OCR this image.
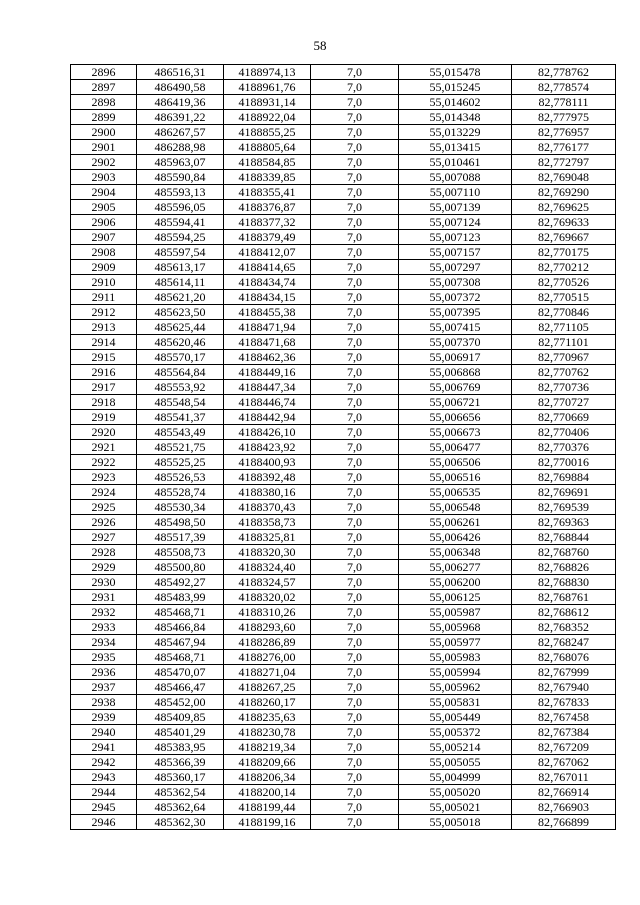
58
2896	486516,31	4188974,13	7,0	55,015478	82,778762
2897	486490,58	4188961,76	7,0	55,015245	82,778574
2898	486419,36	4188931,14	7,0	55,014602	82,778111
2899	486391,22	4188922,04	7,0	55,014348	82,777975
2900	486267,57	4188855,25	7,0	55,013229	82,776957
2901	486288,98	4188805,64	7,0	55,013415	82,776177
2902	485963,07	4188584,85	7,0	55,010461	82,772797
2903	485590,84	4188339,85	7,0	55,007088	82,769048
2904	485593,13	4188355,41	7,0	55,007110	82,769290
2905	485596,05	4188376,87	7,0	55,007139	82,769625
2906	485594,41	4188377,32	7,0	55,007124	82,769633
2907	485594,25	4188379,49	7,0	55,007123	82,769667
2908	485597,54	4188412,07	7,0	55,007157	82,770175
2909	485613,17	4188414,65	7,0	55,007297	82,770212
2910	485614,11	4188434,74	7,0	55,007308	82,770526
2911	485621,20	4188434,15	7,0	55,007372	82,770515
2912	485623,50	4188455,38	7,0	55,007395	82,770846
2913	485625,44	4188471,94	7,0	55,007415	82,771105
2914	485620,46	4188471,68	7,0	55,007370	82,771101
2915	485570,17	4188462,36	7,0	55,006917	82,770967
2916	485564,84	4188449,16	7,0	55,006868	82,770762
2917	485553,92	4188447,34	7,0	55,006769	82,770736
2918	485548,54	4188446,74	7,0	55,006721	82,770727
2919	485541,37	4188442,94	7,0	55,006656	82,770669
2920	485543,49	4188426,10	7,0	55,006673	82,770406
2921	485521,75	4188423,92	7,0	55,006477	82,770376
2922	485525,25	4188400,93	7,0	55,006506	82,770016
2923	485526,53	4188392,48	7,0	55,006516	82,769884
2924	485528,74	4188380,16	7,0	55,006535	82,769691
2925	485530,34	4188370,43	7,0	55,006548	82,769539
2926	485498,50	4188358,73	7,0	55,006261	82,769363
2927	485517,39	4188325,81	7,0	55,006426	82,768844
2928	485508,73	4188320,30	7,0	55,006348	82,768760
2929	485500,80	4188324,40	7,0	55,006277	82,768826
2930	485492,27	4188324,57	7,0	55,006200	82,768830
2931	485483,99	4188320,02	7,0	55,006125	82,768761
2932	485468,71	4188310,26	7,0	55,005987	82,768612
2933	485466,84	4188293,60	7,0	55,005968	82,768352
2934	485467,94	4188286,89	7,0	55,005977	82,768247
2935	485468,71	4188276,00	7,0	55,005983	82,768076
2936	485470,07	4188271,04	7,0	55,005994	82,767999
2937	485466,47	4188267,25	7,0	55,005962	82,767940
2938	485452,00	4188260,17	7,0	55,005831	82,767833
2939	485409,85	4188235,63	7,0	55,005449	82,767458
2940	485401,29	4188230,78	7,0	55,005372	82,767384
2941	485383,95	4188219,34	7,0	55,005214	82,767209
2942	485366,39	4188209,66	7,0	55,005055	82,767062
2943	485360,17	4188206,34	7,0	55,004999	82,767011
2944	485362,54	4188200,14	7,0	55,005020	82,766914
2945	485362,64	4188199,44	7,0	55,005021	82,766903
2946	485362,30	4188199,16	7,0	55,005018	82,766899
